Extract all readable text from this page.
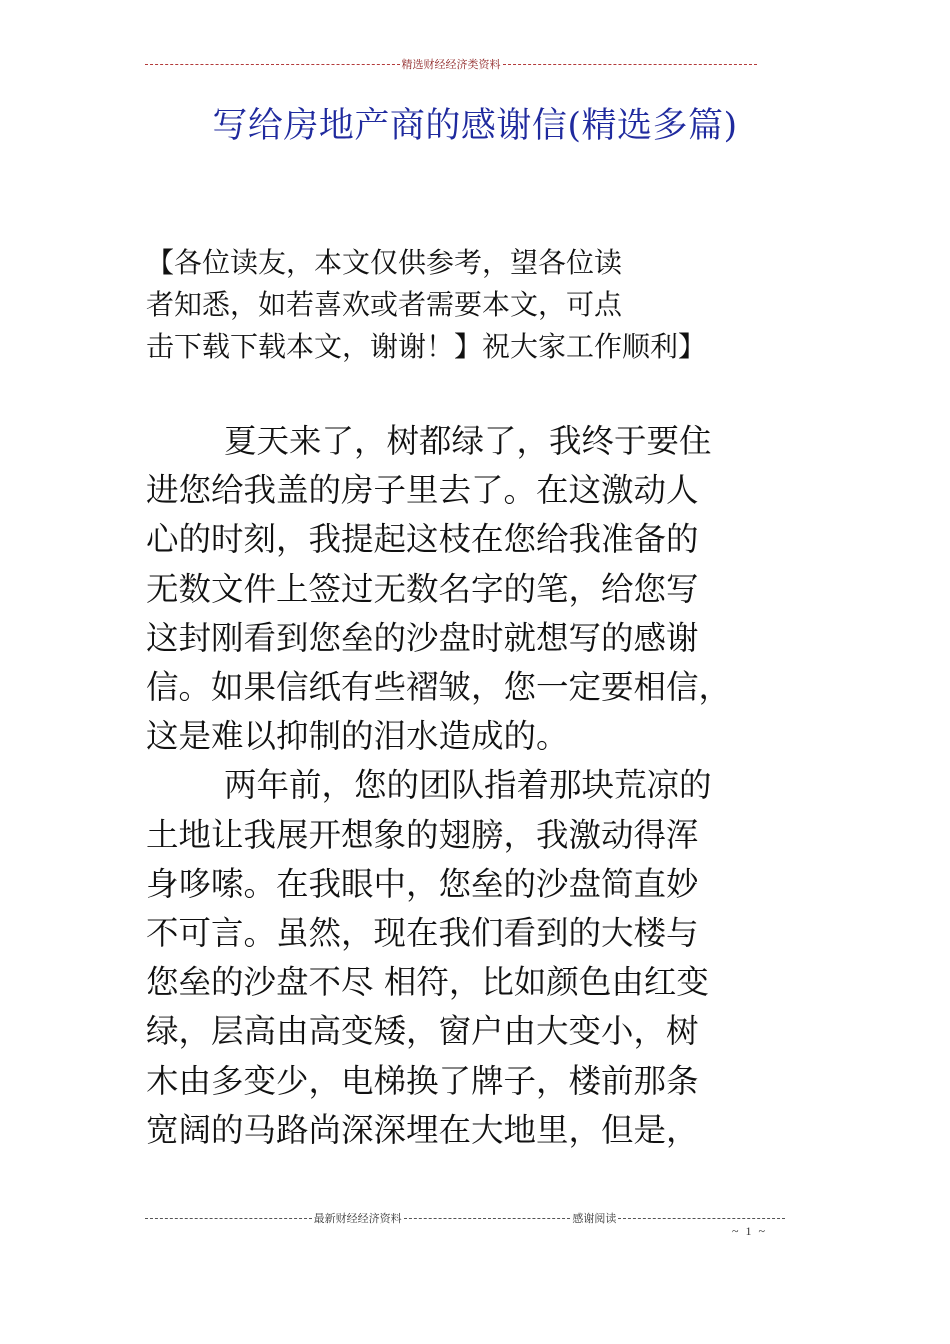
精选财经经济类资料
写给房地产商的感谢信(精选多篇)
【各位读友，本文仅供参考，望各位读
者知悉，如若喜欢或者需要本文，可点
击下载下载本文，谢谢！】祝大家工作顺利】
夏天来了，树都绿了，我终于要住
进您给我盖的房子里去了。在这激动人
心的时刻，我提起这枝在您给我准备的
无数文件上签过无数名字的笔，给您写
这封刚看到您垒的沙盘时就想写的感谢
信。如果信纸有些褶皱，您一定要相信，
这是难以抑制的泪水造成的。
两年前，您的团队指着那块荒凉的
土地让我展开想象的翅膀，我激动得浑
身哆嗦。在我眼中，您垒的沙盘简直妙
不可言。虽然，现在我们看到的大楼与
您垒的沙盘不尽 相符，比如颜色由红变
绿，层高由高变矮，窗户由大变小，树
木由多变少，电梯换了牌子，楼前那条
宽阔的马路尚深深埋在大地里，但是，
最新财经经济资料	感谢阅读
~ 1 ~
